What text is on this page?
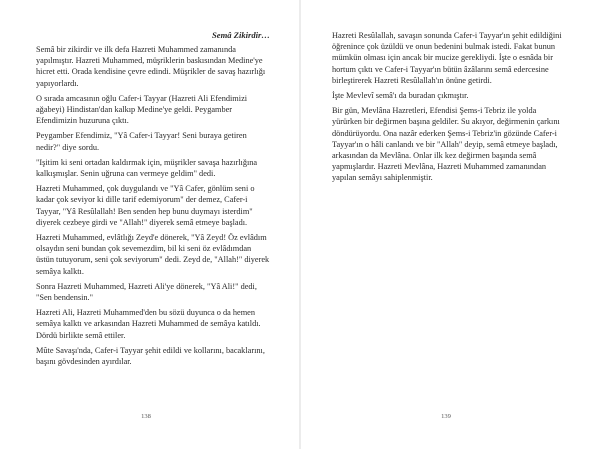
Semâ Zikirdir…

Semâ bir zikirdir ve ilk defa Hazreti Muhammed zamanında yapılmıştır. Hazreti Muhammed, müşriklerin baskısından Medine'ye hicret etti. Orada kendisine çevre edindi. Müşrikler de savaş hazırlığı yapıyorlardı.

O sırada amcasının oğlu Cafer-i Tayyar (Hazreti Ali Efendimizi ağabeyi) Hindistan'dan kalkıp Medine'ye geldi. Peygamber Efendimizin huzuruna çıktı.

Peygamber Efendimiz, "Yâ Cafer-i Tayyar! Seni buraya getiren nedir?" diye sordu.

"Işitim ki seni ortadan kaldırmak için, müşrikler savaşa hazırlığına kalkışmışlar. Senin uğruna can vermeye geldim" dedi.

Hazreti Muhammed, çok duygulandı ve "Yâ Cafer, gönlüm seni o kadar çok seviyor ki dille tarif edemiyorum" der demez, Cafer-i Tayyar, "Yâ Resûlallah! Ben senden hep bunu duymayı isterdim" diyerek cezbeye girdi ve "Allah!" diyerek semâ etmeye başladı.

Hazreti Muhammed, evlâtlığı Zeyd'e dönerek, "Yâ Zeyd! Öz evlâdım olsaydın seni bundan çok sevemezdim, bil ki seni öz evlâdımdan üstün tutuyorum, seni çok seviyorum" dedi. Zeyd de, "Allah!" diyerek semâya kalktı.

Sonra Hazreti Muhammed, Hazreti Ali'ye dönerek, "Yâ Ali!" dedi, "Sen bendensin."

Hazreti Ali, Hazreti Muhammed'den bu sözü duyunca o da hemen semâya kalktı ve arkasından Hazreti Muhammed de semâya katıldı. Dördü birlikte semâ ettiler.

Mûte Savaşı'nda, Cafer-i Tayyar şehit edildi ve kollarını, bacaklarını, başını gövdesinden ayırdılar.

138

Hazreti Resûlallah, savaşın sonunda Cafer-i Tayyar'ın şehit edildiğini öğrenince çok üzüldü ve onun bedenini bulmak istedi. Fakat bunun mümkün olması için ancak bir mucize gerekliydi. İşte o esnâda bir hortum çıktı ve Cafer-i Tayyar'ın bütün âzâlarını semâ edercesine birleştirerek Hazreti Resûlallah'ın önüne getirdi.

İşte Mevlevî semâ'ı da buradan çıkmıştır.

Bir gün, Mevlâna Hazretleri, Efendisi Şems-i Tebriz ile yolda yürürken bir değirmen başına geldiler. Su akıyor, değirmenin çarkını döndürüyordu. Ona nazâr ederken Şems-i Tebriz'in gözünde Cafer-i Tayyar'ın o hâli canlandı ve bir "Allah" deyip, semâ etmeye başladı, arkasından da Mevlâna. Onlar ilk kez değirmen başında semâ yapmışlardır. Hazreti Mevlâna, Hazreti Muhammed zamanından yapılan semâyı sahiplenmiştir.

139
